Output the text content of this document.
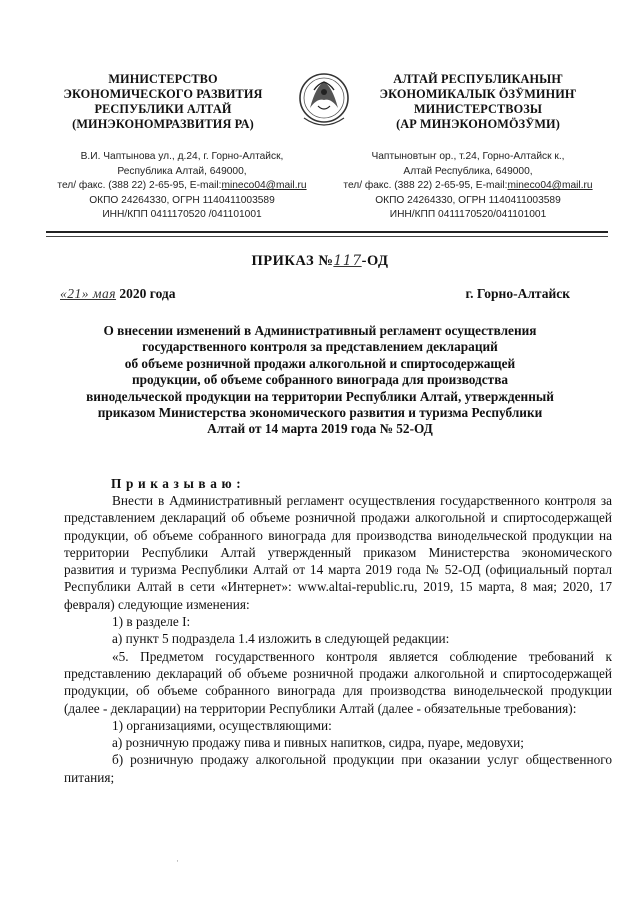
МИНИСТЕРСТВО
ЭКОНОМИЧЕСКОГО РАЗВИТИЯ
РЕСПУБЛИКИ АЛТАЙ
(МИНЭКОНОМРАЗВИТИЯ РА)
АЛТАЙ РЕСПУБЛИКАНЫҤ
ЭКОНОМИКАЛЫК ӦЗӰМИНИҤ
МИНИСТЕРСТВОЗЫ
(АР МИНЭКОНОМӦЗӰМИ)
В.И. Чаптынова ул., д.24, г. Горно-Алтайск,
Республика Алтай, 649000,
тел/ факс. (388 22) 2-65-95, E-mail:mineco04@mail.ru
ОКПО 24264330, ОГРН 1140411003589
ИНН/КПП 0411170520 /041101001
Чаптыновтыҥ ор., т.24, Горно-Алтайск к.,
Алтай Республика, 649000,
тел/ факс. (388 22) 2-65-95, E-mail:mineco04@mail.ru
ОКПО 24264330, ОГРН 1140411003589
ИНН/КПП 0411170520/041101001
ПРИКАЗ №117-ОД
«21» мая 2020 года	г. Горно-Алтайск
О внесении изменений в Административный регламент осуществления
государственного контроля за представлением деклараций
об объеме розничной продажи алкогольной и спиртосодержащей
продукции, об объеме собранного винограда для производства
винодельческой продукции на территории Республики Алтай, утвержденный
приказом Министерства экономического развития и туризма Республики
Алтай от 14 марта 2019 года № 52-ОД
Приказываю:

Внести в Административный регламент осуществления государственного контроля за представлением деклараций об объеме розничной продажи алкогольной и спиртосодержащей продукции, об объеме собранного винограда для производства винодельческой продукции на территории Республики Алтай утвержденный приказом Министерства экономического развития и туризма Республики Алтай от 14 марта 2019 года № 52-ОД (официальный портал Республики Алтай в сети «Интернет»: www.altai-republic.ru, 2019, 15 марта, 8 мая; 2020, 17 февраля) следующие изменения:

1) в разделе I:

а) пункт 5 подраздела 1.4 изложить в следующей редакции:

«5. Предметом государственного контроля является соблюдение требований к представлению деклараций об объеме розничной продажи алкогольной и спиртосодержащей продукции, об объеме собранного винограда для производства винодельческой продукции (далее - декларации) на территории Республики Алтай (далее - обязательные требования):

1) организациями, осуществляющими:

а) розничную продажу пива и пивных напитков, сидра, пуаре, медовухи;

б) розничную продажу алкогольной продукции при оказании услуг общественного питания;

·
